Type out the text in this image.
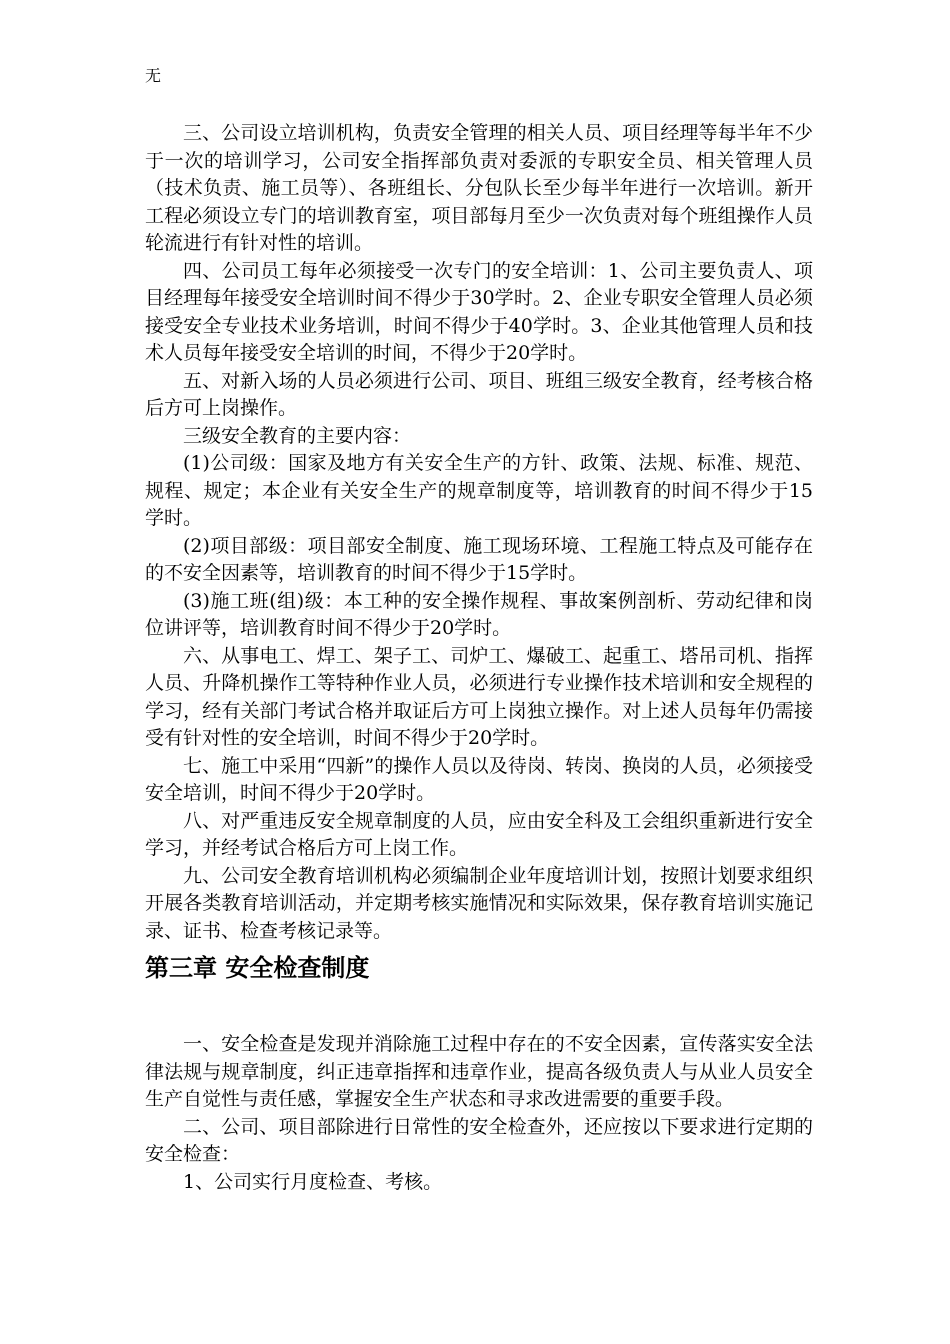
无

三、公司设立培训机构，负责安全管理的相关人员、项目经理等每半年不少于一次的培训学习，公司安全指挥部负责对委派的专职安全员、相关管理人员（技术负责、施工员等）、各班组长、分包队长至少每半年进行一次培训。新开工程必须设立专门的培训教育室，项目部每月至少一次负责对每个班组操作人员轮流进行有针对性的培训。

四、公司员工每年必须接受一次专门的安全培训：1、公司主要负责人、项目经理每年接受安全培训时间不得少于30学时。2、企业专职安全管理人员必须接受安全专业技术业务培训，时间不得少于40学时。3、企业其他管理人员和技术人员每年接受安全培训的时间，不得少于20学时。

五、对新入场的人员必须进行公司、项目、班组三级安全教育，经考核合格后方可上岗操作。

三级安全教育的主要内容：

(1)公司级：国家及地方有关安全生产的方针、政策、法规、标准、规范、规程、规定；本企业有关安全生产的规章制度等，培训教育的时间不得少于15学时。

(2)项目部级：项目部安全制度、施工现场环境、工程施工特点及可能存在的不安全因素等，培训教育的时间不得少于15学时。

(3)施工班(组)级：本工种的安全操作规程、事故案例剖析、劳动纪律和岗位讲评等，培训教育时间不得少于20学时。

六、从事电工、焊工、架子工、司炉工、爆破工、起重工、塔吊司机、指挥人员、升降机操作工等特种作业人员，必须进行专业操作技术培训和安全规程的学习，经有关部门考试合格并取证后方可上岗独立操作。对上述人员每年仍需接受有针对性的安全培训，时间不得少于20学时。

七、施工中采用“四新”的操作人员以及待岗、转岗、换岗的人员，必须接受安全培训，时间不得少于20学时。

八、对严重违反安全规章制度的人员，应由安全科及工会组织重新进行安全学习，并经考试合格后方可上岗工作。

九、公司安全教育培训机构必须编制企业年度培训计划，按照计划要求组织开展各类教育培训活动，并定期考核实施情况和实际效果，保存教育培训实施记录、证书、检查考核记录等。

第三章 安全检查制度

一、安全检查是发现并消除施工过程中存在的不安全因素，宣传落实安全法律法规与规章制度，纠正违章指挥和违章作业，提高各级负责人与从业人员安全生产自觉性与责任感，掌握安全生产状态和寻求改进需要的重要手段。

二、公司、项目部除进行日常性的安全检查外，还应按以下要求进行定期的安全检查：

1、公司实行月度检查、考核。
